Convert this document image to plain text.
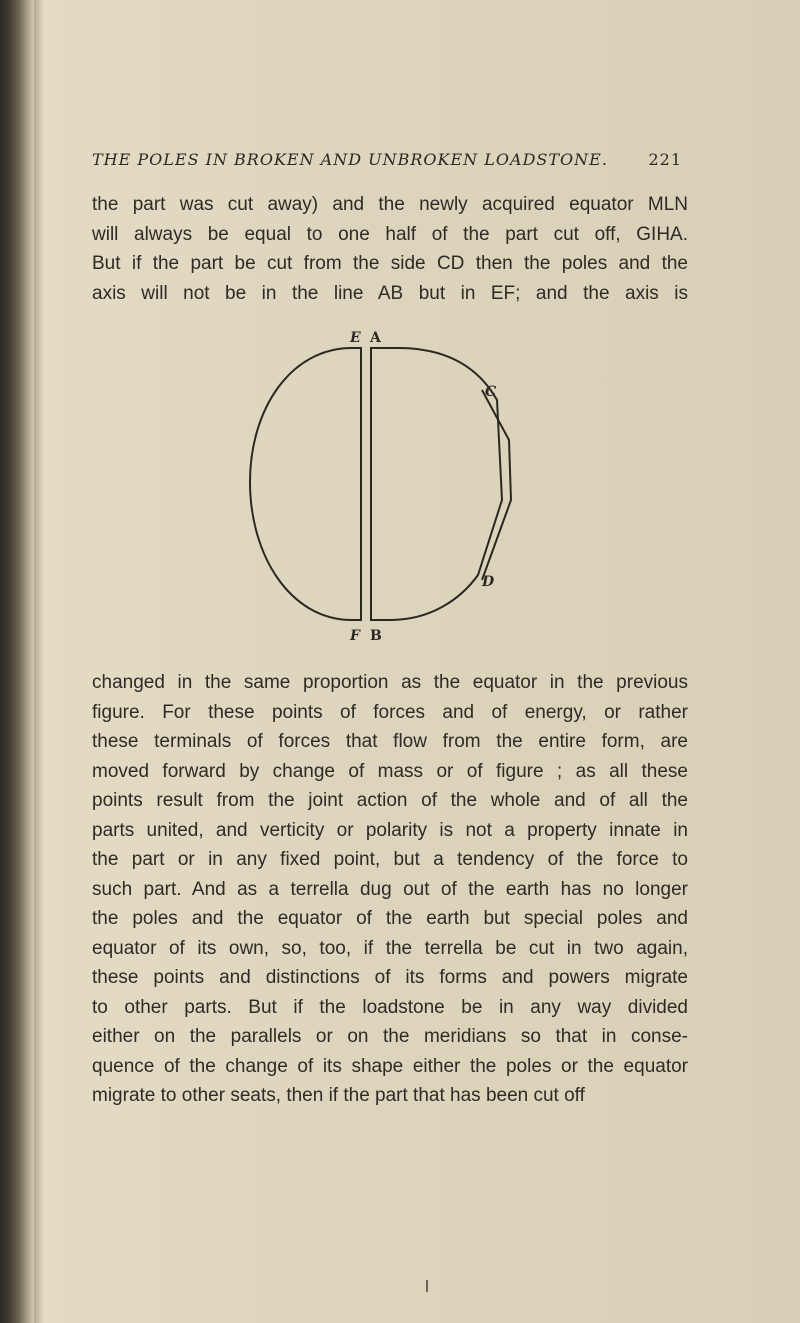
THE POLES IN BROKEN AND UNBROKEN LOADSTONE.	221
the part was cut away) and the newly acquired equator MLN
will always be equal to one half of the part cut off, GIHA.
But if the part be cut from the side CD then the poles and the
axis will not be in the line AB but in EF; and the axis is
E A
C
D
F B
changed in the same proportion as the equator in the previous
figure. For these points of forces and of energy, or rather
these terminals of forces that flow from the entire form, are
moved forward by change of mass or of figure ; as all these
points result from the joint action of the whole and of all the
parts united, and verticity or polarity is not a property innate in
the part or in any fixed point, but a tendency of the force to
such part. And as a terrella dug out of the earth has no longer
the poles and the equator of the earth but special poles and
equator of its own, so, too, if the terrella be cut in two again,
these points and distinctions of its forms and powers migrate
to other parts. But if the loadstone be in any way divided
either on the parallels or on the meridians so that in conse-
quence of the change of its shape either the poles or the equator
migrate to other seats, then if the part that has been cut off
